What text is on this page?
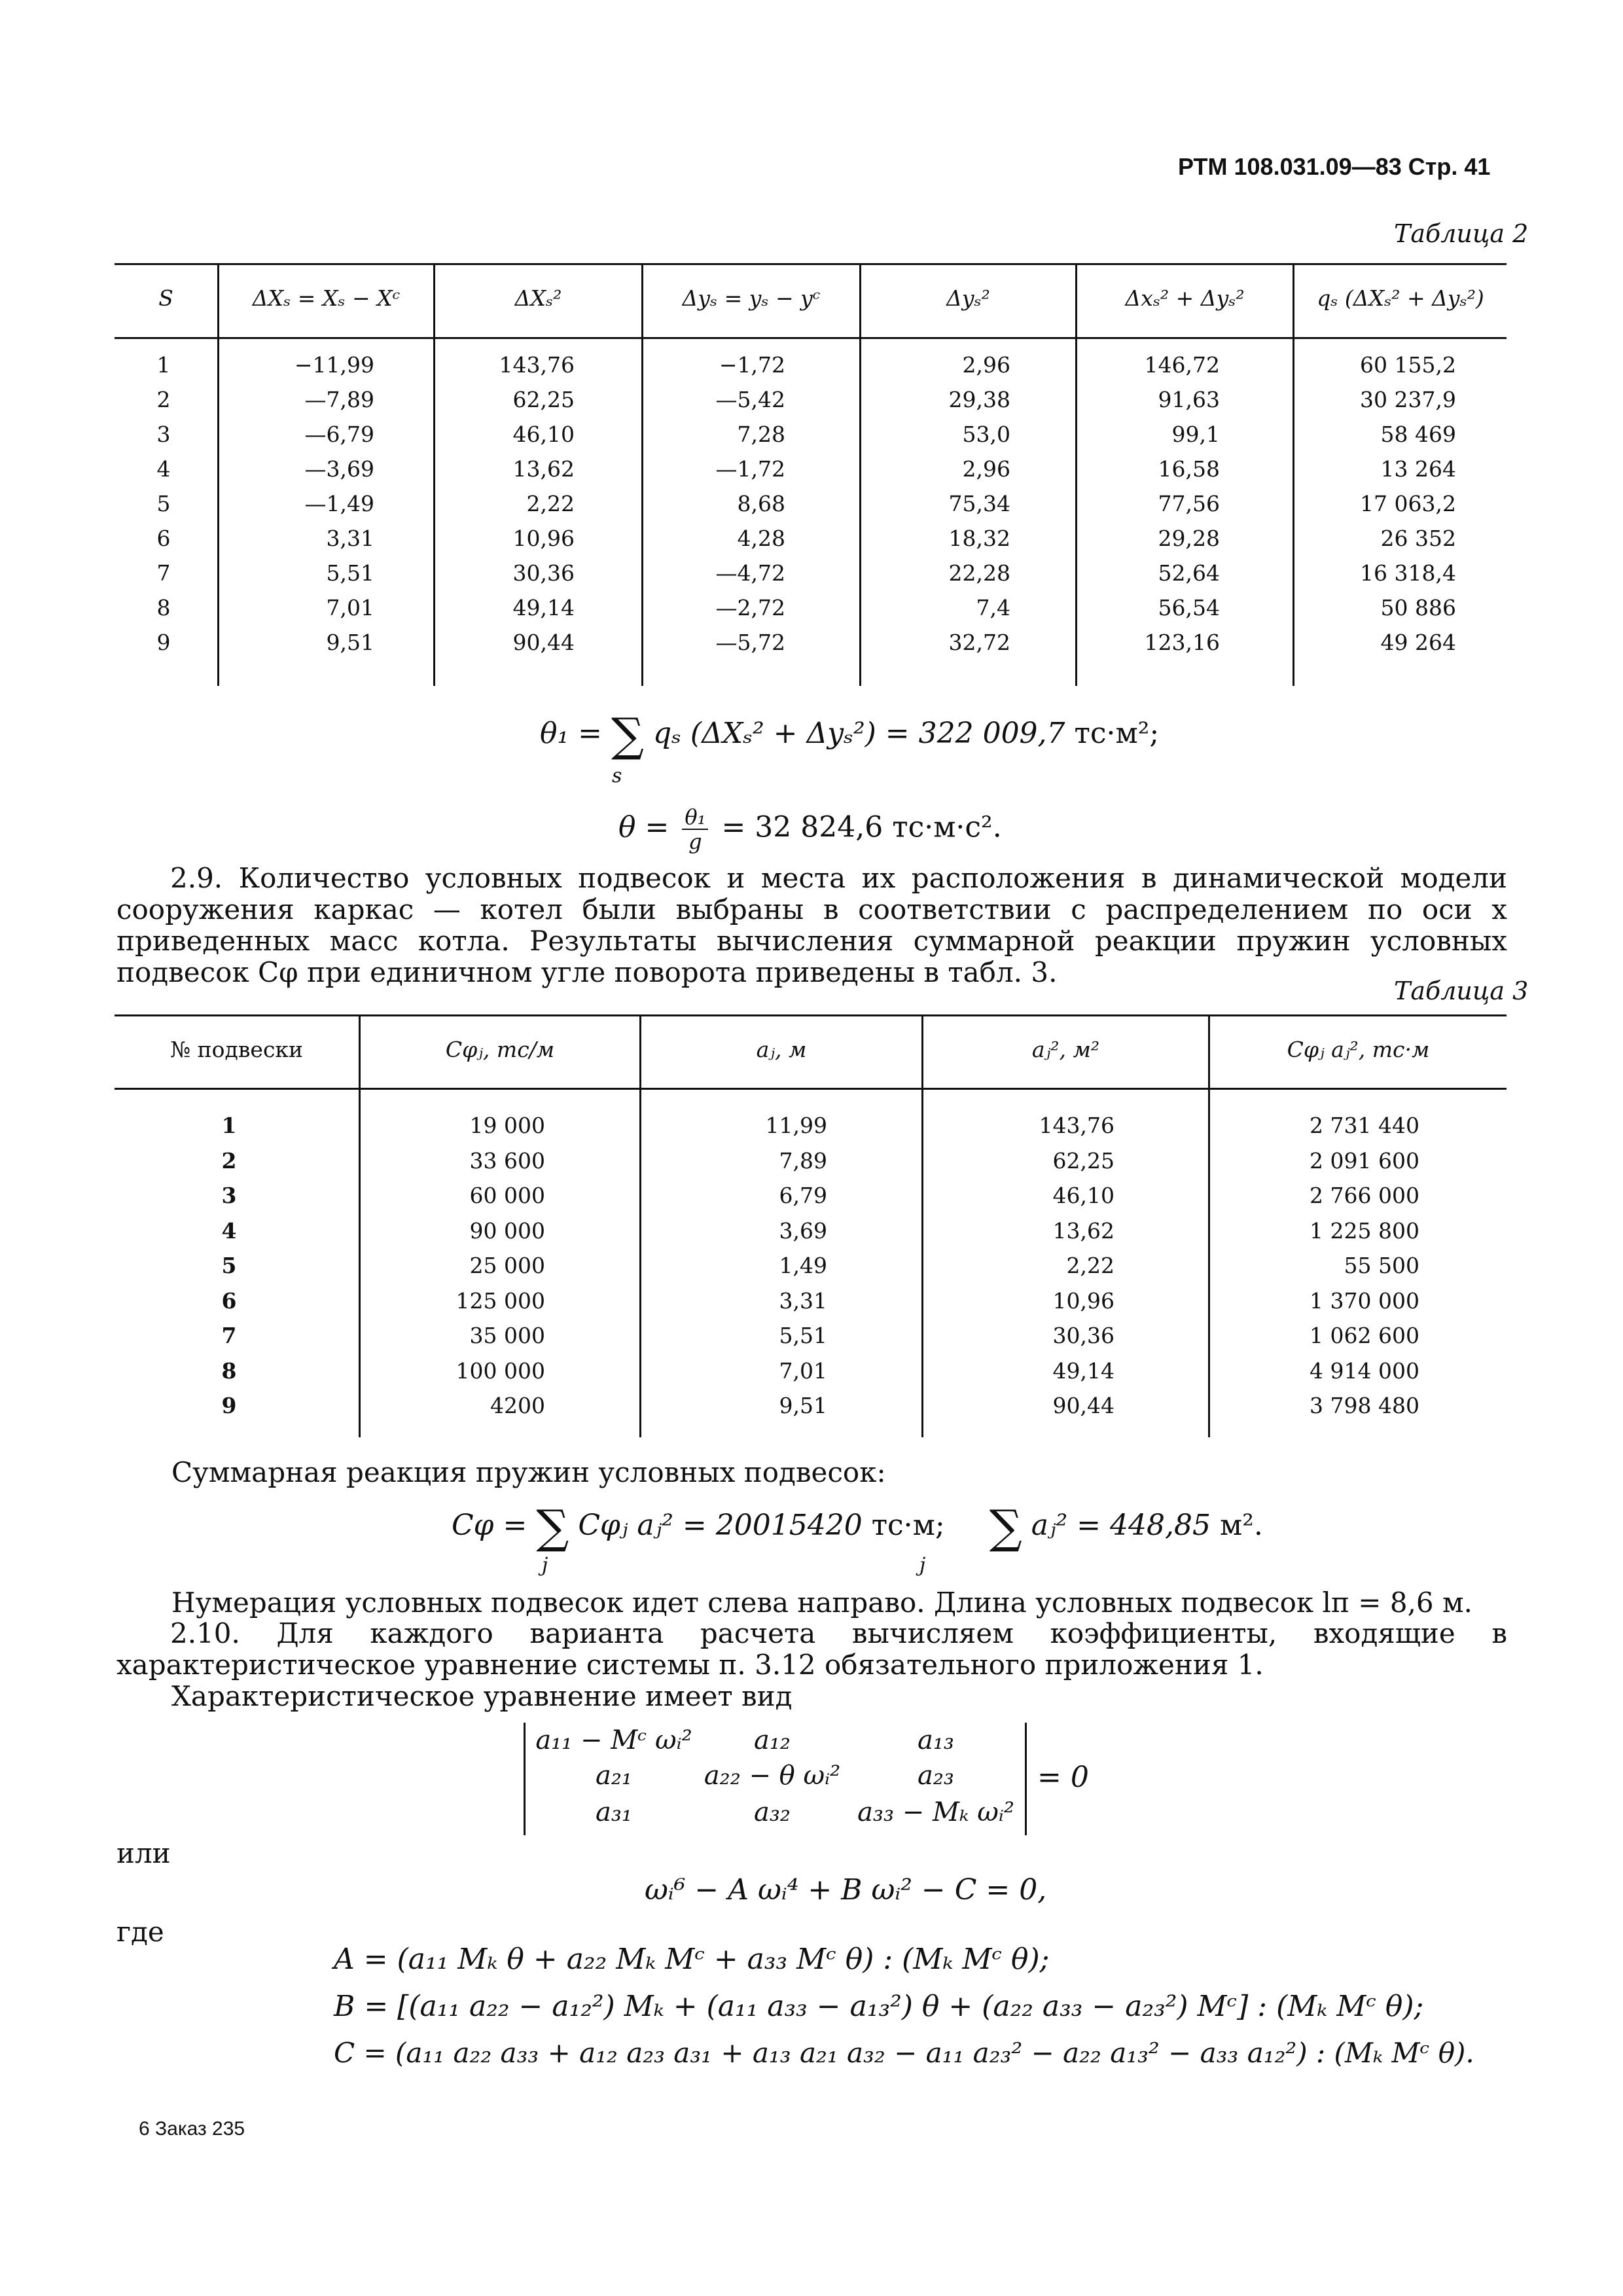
РТМ 108.031.09—83 Стр. 41
Таблица 2
S	ΔXₛ = Xₛ − Xᶜ	ΔXₛ²	Δyₛ = yₛ − yᶜ	Δyₛ²	Δxₛ² + Δyₛ²	qₛ (ΔXₛ² + Δyₛ²)
1	−11,99	143,76	−1,72	2,96	146,72	60 155,2
2	—7,89	62,25	—5,42	29,38	91,63	30 237,9
3	—6,79	46,10	7,28	53,0	99,1	58 469
4	—3,69	13,62	—1,72	2,96	16,58	13 264
5	—1,49	2,22	8,68	75,34	77,56	17 063,2
6	3,31	10,96	4,28	18,32	29,28	26 352
7	5,51	30,36	—4,72	22,28	52,64	16 318,4
8	7,01	49,14	—2,72	7,4	56,54	50 886
9	9,51	90,44	—5,72	32,72	123,16	49 264
θ₁ = ∑ qₛ (ΔXₛ² + Δyₛ²) = 322 009,7 тс·м²;
s
$\theta = \frac{\text{θ₁}}{g} = 32$ 824,6 тс·м·с².
2.9. Количество условных подвесок и места их расположения в динамической модели сооружения каркас — котел были выбраны в соответствии с распределением по оси x приведенных масс котла. Результаты вычисления суммарной реакции пружин условных подвесок Cφ при единичном угле поворота приведены в табл. 3.
Таблица 3
№ подвески	Cφⱼ, тс/м	aⱼ, м	aⱼ², м²	Cφⱼ aⱼ², тс·м
1	19 000	11,99	143,76	2 731 440
2	33 600	7,89	62,25	2 091 600
3	60 000	6,79	46,10	2 766 000
4	90 000	3,69	13,62	1 225 800
5	25 000	1,49	2,22	55 500
6	125 000	3,31	10,96	1 370 000
7	35 000	5,51	30,36	1 062 600
8	100 000	7,01	49,14	4 914 000
9	4200	9,51	90,44	3 798 480
Суммарная реакция пружин условных подвесок:
Cφ = ∑ Cφⱼ aⱼ² = 20015420 тс·м; ∑ aⱼ² = 448,85 м².
j	j
Нумерация условных подвесок идет слева направо. Длина условных подвесок lп = 8,6 м.
2.10. Для каждого варианта расчета вычисляем коэффициенты, входящие в характеристическое уравнение системы п. 3.12 обязательного приложения 1.
Характеристическое уравнение имеет вид
a₁₁ − Mᶜ ωᵢ²	a₁₂	a₁₃
a₂₁	a₂₂ − θ ωᵢ²	a₂₃
a₃₁	a₃₂	a₃₃ − Mₖ ωᵢ²
= 0
или
ωᵢ⁶ − A ωᵢ⁴ + B ωᵢ² − C = 0,
где
A = (a₁₁ Mₖ θ + a₂₂ Mₖ Mᶜ + a₃₃ Mᶜ θ) : (Mₖ Mᶜ θ);
B = [(a₁₁ a₂₂ − a₁₂²) Mₖ + (a₁₁ a₃₃ − a₁₃²) θ + (a₂₂ a₃₃ − a₂₃²) Mᶜ] : (Mₖ Mᶜ θ);
C = (a₁₁ a₂₂ a₃₃ + a₁₂ a₂₃ a₃₁ + a₁₃ a₂₁ a₃₂ − a₁₁ a₂₃² − a₂₂ a₁₃² − a₃₃ a₁₂²) : (Mₖ Mᶜ θ).
6 Заказ 235
